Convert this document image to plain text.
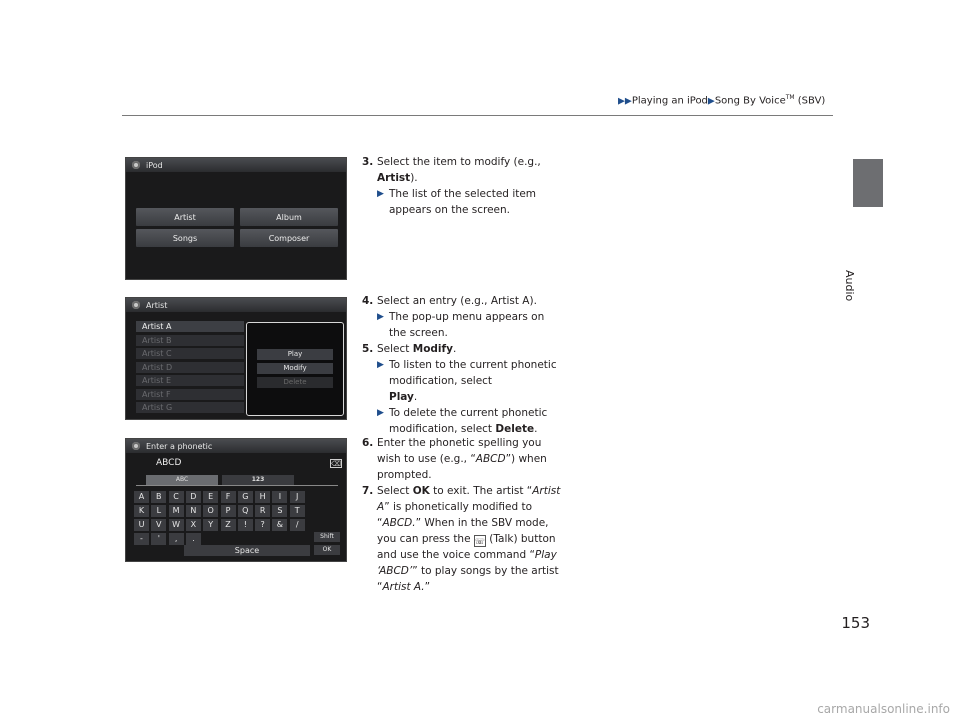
▶▶Playing an iPod▶Song By Voice™ (SBV)
Audio
iPod
Artist	Album
Songs	Composer
Artist
Artist A
Artist B
Artist C
Artist D
Artist E
Artist F
Artist G
Play
Modify
Delete
Enter a phonetic
ABCD	⌫
ABC	123
A	B	C	D	E	F	G	H	I	J
K	L	M	N	O	P	Q	R	S	T
U	V	W	X	Y	Z	!	?	&	/
-	'	,	.	Shift
OK
Space
3. Select the item to modify (e.g.,
Artist).
▶ The list of the selected item appears on the screen.
4. Select an entry (e.g., Artist A).
▶ The pop-up menu appears on the screen.
5. Select Modify.
▶ To listen to the current phonetic modification, select
Play.
▶ To delete the current phonetic modification, select Delete.
6. Enter the phonetic spelling you wish to use (e.g., “ABCD”) when prompted.
7. Select OK to exit. The artist “Artist A” is phonetically modified to “ABCD.” When in the SBV mode, you can press the ☏ (Talk) button and use the voice command “Play ‘ABCD’” to play songs by the artist “Artist A.”
153
carmanualsonline.info
